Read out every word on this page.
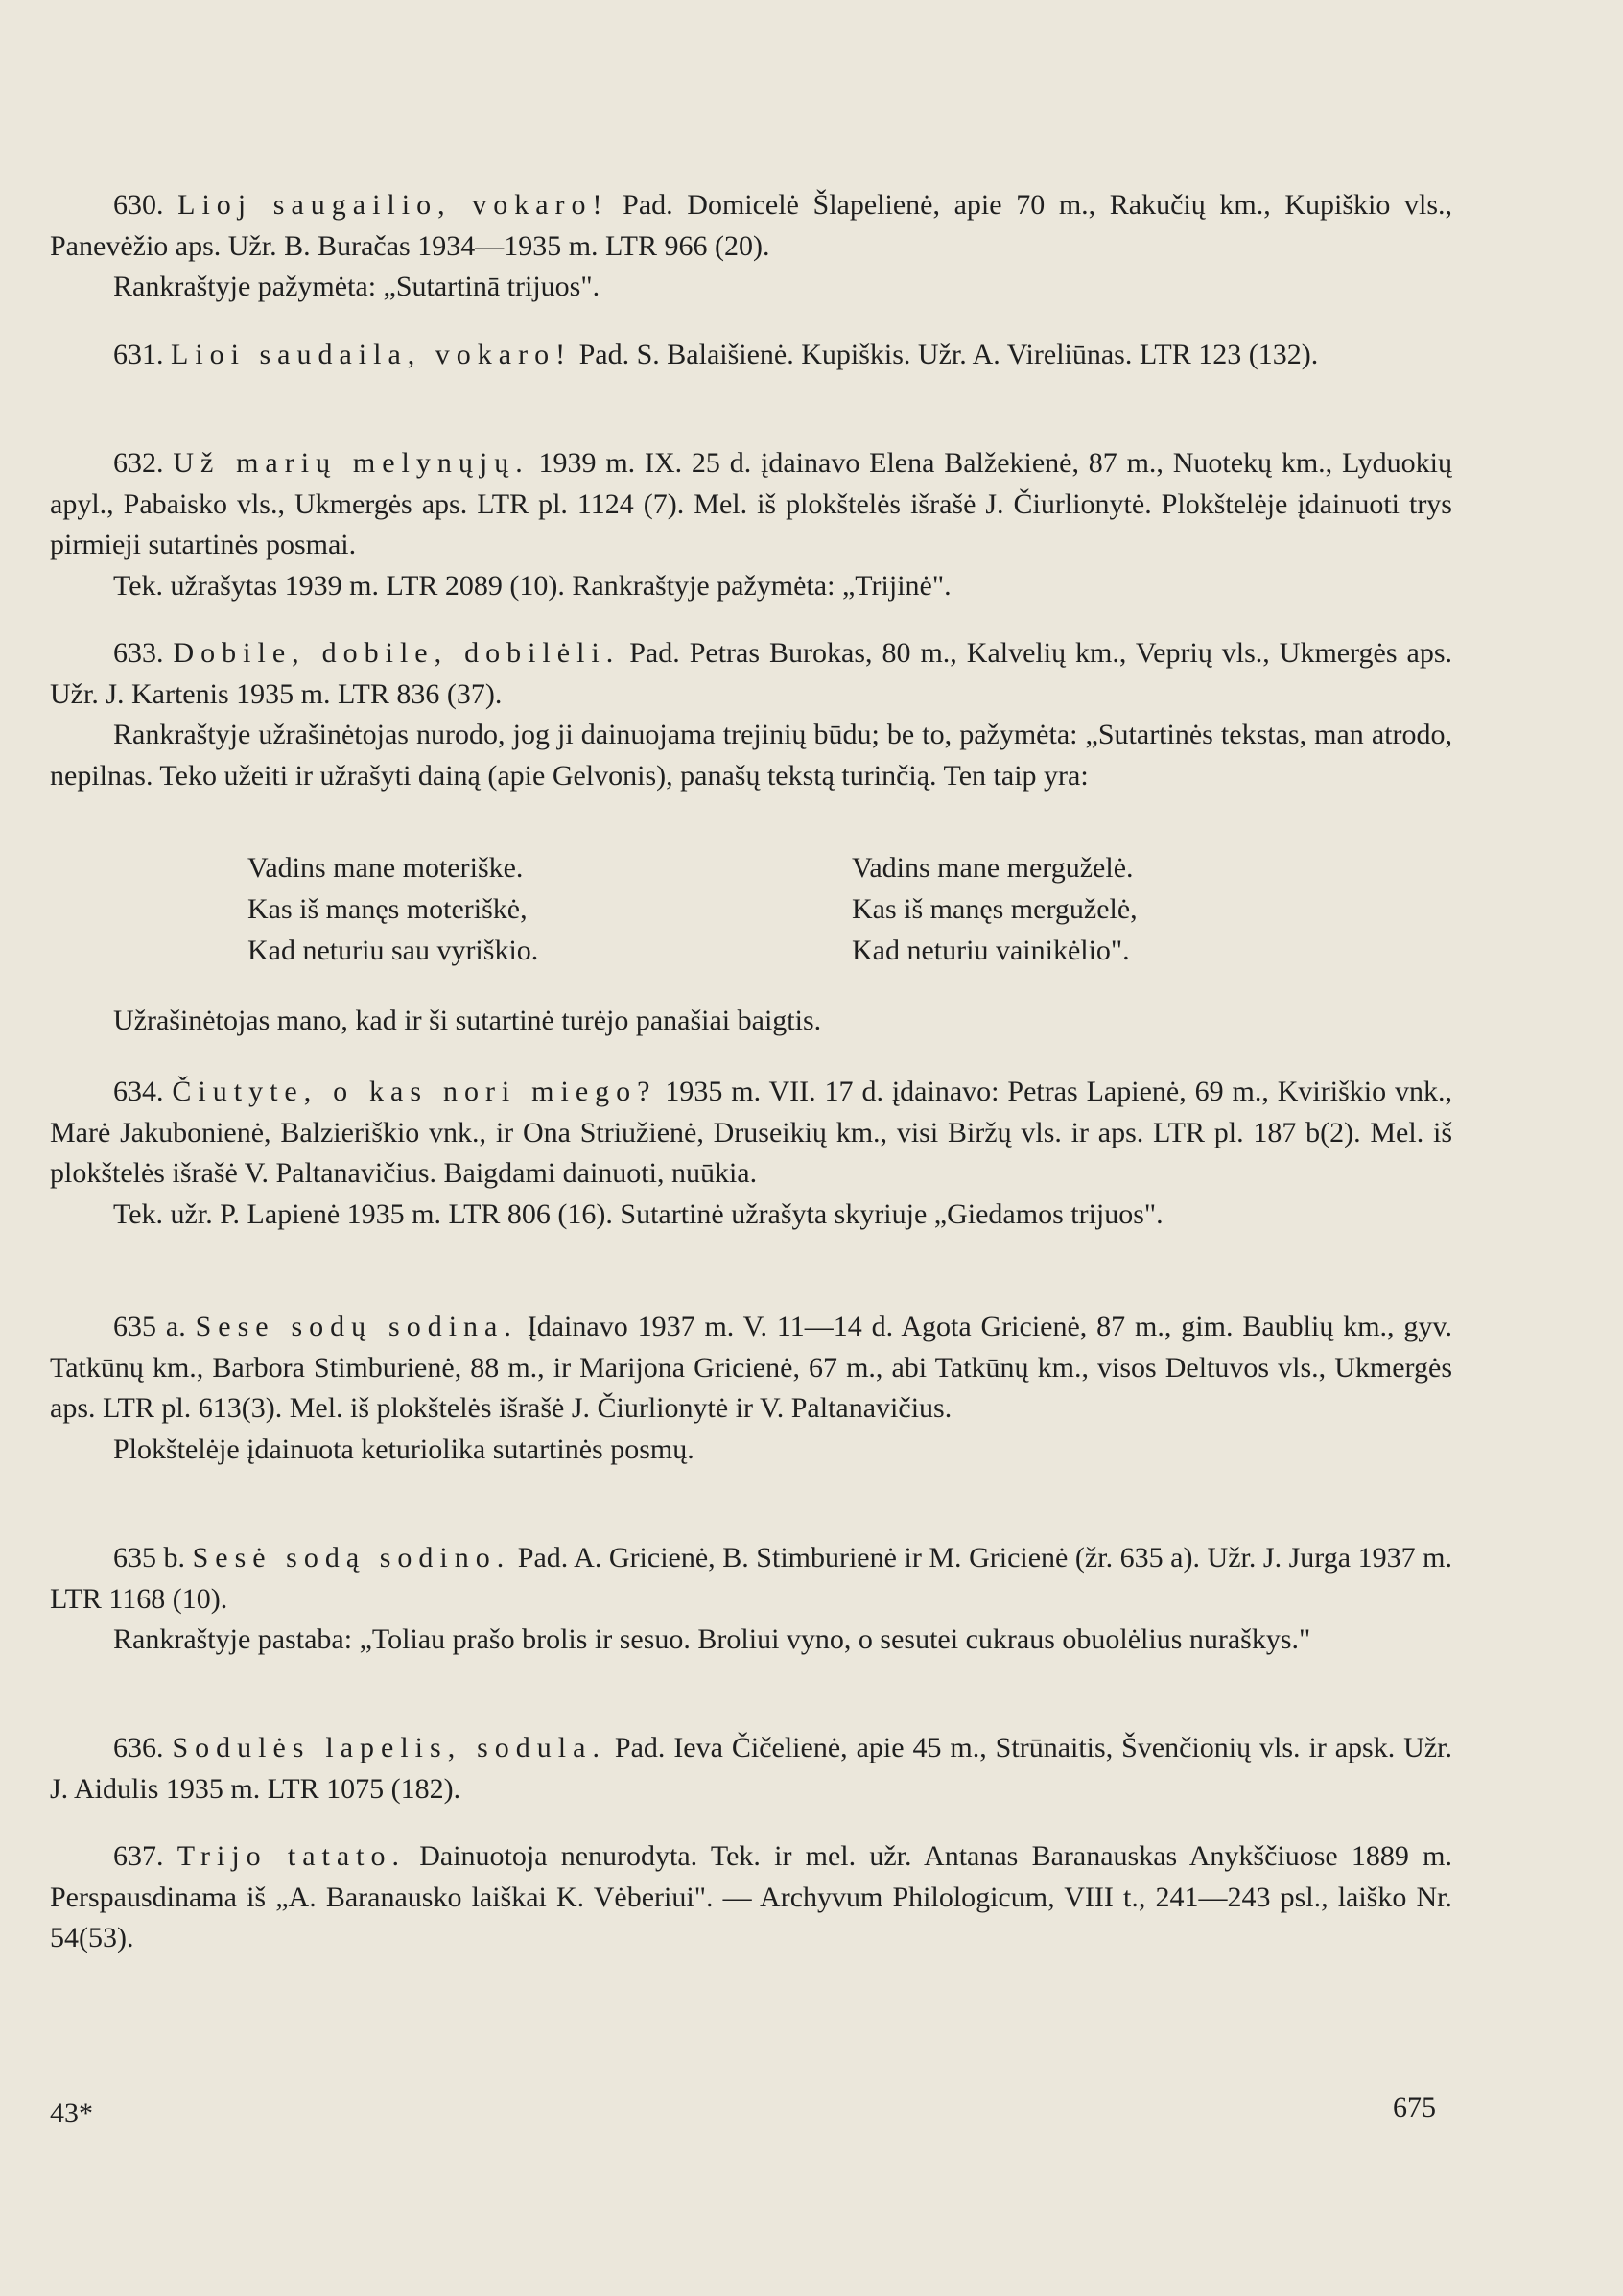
630. Lioj saugailio, vokaro! Pad. Domicelė Šlapelienė, apie 70 m., Rakučių km., Kupiškio vls., Panevėžio aps. Užr. B. Buračas 1934—1935 m. LTR 966 (20).

Rankraštyje pažymėta: „Sutartinā trijuos".

631. Lioi saudaila, vokaro! Pad. S. Balaišienė. Kupiškis. Užr. A. Vireliūnas. LTR 123 (132).

632. Už marių melynųjų. 1939 m. IX. 25 d. įdainavo Elena Balžekienė, 87 m., Nuotekų km., Lyduokių apyl., Pabaisko vls., Ukmergės aps. LTR pl. 1124 (7). Mel. iš plokštelės išrašė J. Čiurlionytė. Plokštelėje įdainuoti trys pirmieji sutartinės posmai.

Tek. užrašytas 1939 m. LTR 2089 (10). Rankraštyje pažymėta: „Trijinė".

633. Dobile, dobile, dobilėli. Pad. Petras Burokas, 80 m., Kalvelių km., Veprių vls., Ukmergės aps. Užr. J. Kartenis 1935 m. LTR 836 (37).

Rankraštyje užrašinėtojas nurodo, jog ji dainuojama trejinių būdu; be to, pažymėta: „Sutartinės tekstas, man atrodo, nepilnas. Teko užeiti ir užrašyti dainą (apie Gelvonis), panašų tekstą turinčią. Ten taip yra:

Vadins mane moteriške.
Kas iš manęs moteriškė,
Kad neturiu sau vyriškio.
Vadins mane merguželė.
Kas iš manęs merguželė,
Kad neturiu vainikėlio".

Užrašinėtojas mano, kad ir ši sutartinė turėjo panašiai baigtis.

634. Čiutyte, o kas nori miego? 1935 m. VII. 17 d. įdainavo: Petras Lapienė, 69 m., Kviriškio vnk., Marė Jakubonienė, Balzieriškio vnk., ir Ona Striužienė, Druseikių km., visi Biržų vls. ir aps. LTR pl. 187 b(2). Mel. iš plokštelės išrašė V. Paltanavičius. Baigdami dainuoti, nuūkia.

Tek. užr. P. Lapienė 1935 m. LTR 806 (16). Sutartinė užrašyta skyriuje „Giedamos trijuos".

635 a. Sese sodų sodina. Įdainavo 1937 m. V. 11—14 d. Agota Gricienė, 87 m., gim. Baublių km., gyv. Tatkūnų km., Barbora Stimburienė, 88 m., ir Marijona Gricienė, 67 m., abi Tatkūnų km., visos Deltuvos vls., Ukmergės aps. LTR pl. 613(3). Mel. iš plokštelės išrašė J. Čiurlionytė ir V. Paltanavičius.

Plokštelėje įdainuota keturiolika sutartinės posmų.

635 b. Sesė sodą sodino. Pad. A. Gricienė, B. Stimburienė ir M. Gricienė (žr. 635 a). Užr. J. Jurga 1937 m. LTR 1168 (10).

Rankraštyje pastaba: „Toliau prašo brolis ir sesuo. Broliui vyno, o sesutei cukraus obuolėlius nuraškys."

636. Sodulės lapelis, sodula. Pad. Ieva Čičelienė, apie 45 m., Strūnaitis, Švenčionių vls. ir apsk. Užr. J. Aidulis 1935 m. LTR 1075 (182).

637. Trijo tatato. Dainuotoja nenurodyta. Tek. ir mel. užr. Antanas Baranauskas Anykščiuose 1889 m. Perspausdinama iš „A. Baranausko laiškai K. Vėberiui". — Archyvum Philologicum, VIII t., 241—243 psl., laiško Nr. 54(53).

43*	675
